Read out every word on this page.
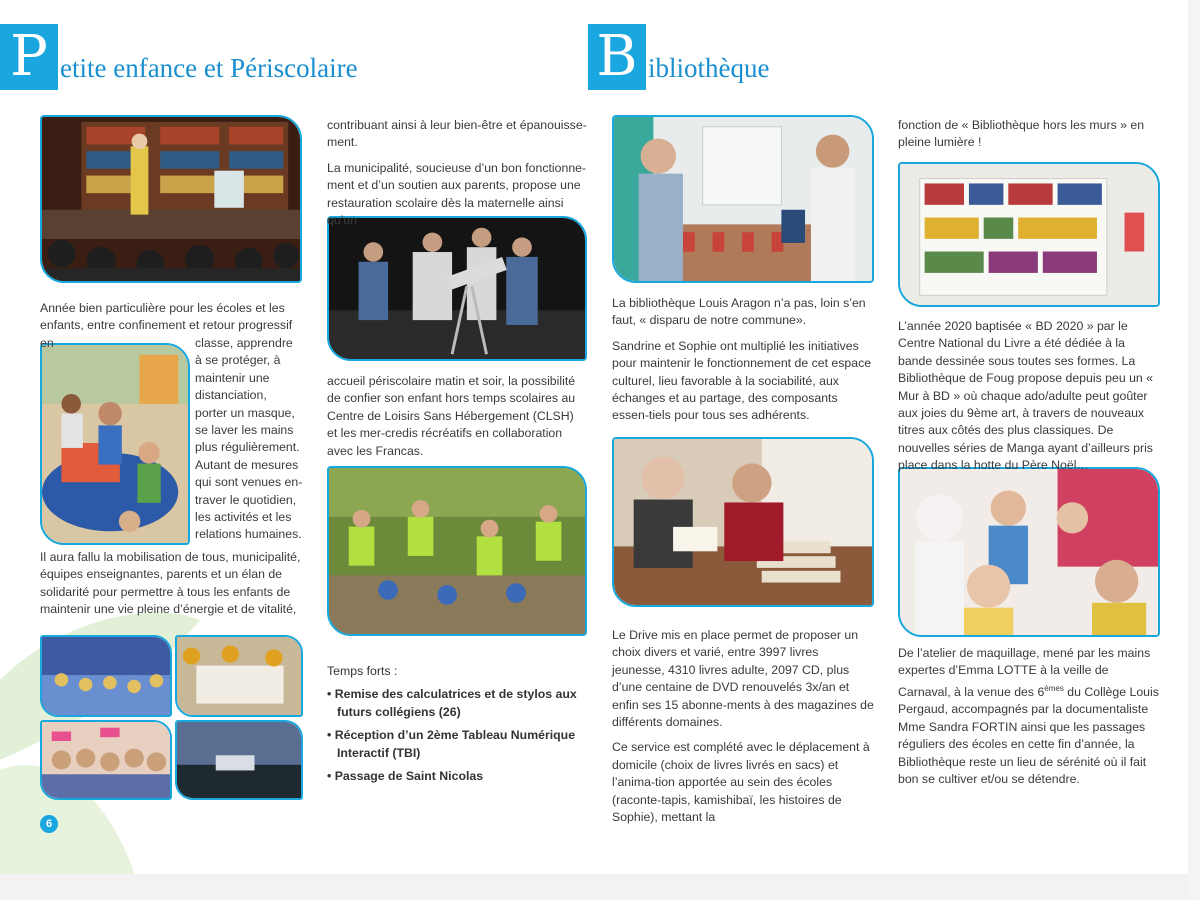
P etite enfance et Périscolaire	B ibliothèque
Année bien particulière pour les écoles et les enfants, entre confinement et retour progressif en	classe, apprendre
à se protéger, à
maintenir une
distanciation,
porter un masque,
se laver les mains
plus régulièrement.
Autant de mesures
qui sont venues en-
traver le quotidien,
les activités et les
relations humaines.
Il aura fallu la mobilisation de tous, municipalité, équipes enseignantes, parents et un élan de solidarité pour permettre à tous les enfants de maintenir une vie pleine d’énergie et de vitalité,

contribuant ainsi à leur bien-être et épanouisse-ment.

La municipalité, soucieuse d’un bon fonctionne-ment et d’un soutien aux parents, propose une restauration scolaire dès la maternelle ainsi qu’un

accueil périscolaire matin et soir, la possibilité de confier son enfant hors temps scolaires au Centre de Loisirs Sans Hébergement (CLSH) et les mer-credis récréatifs en collaboration avec les Francas.

Temps forts :
• Remise des calculatrices et de stylos aux futurs collégiens (26)
• Réception d’un 2ème Tableau Numérique Interactif (TBI)
• Passage de Saint Nicolas
6

La bibliothèque Louis Aragon n’a pas, loin s’en faut, « disparu de notre commune».

Sandrine et Sophie ont multiplié les initiatives pour maintenir le fonctionnement de cet espace culturel, lieu favorable à la sociabilité, aux échanges et au partage, des composants essen-tiels pour tous ses adhérents.

Le Drive mis en place permet de proposer un choix divers et varié, entre 3997 livres jeunesse, 4310 livres adulte, 2097 CD, plus d’une centaine de DVD renouvelés 3x/an et enfin ses 15 abonne-ments à des magazines de différents domaines.

Ce service est complété avec le déplacement à domicile (choix de livres livrés en sacs) et l’anima-tion apportée au sein des écoles (raconte-tapis, kamishibaï, les histoires de Sophie), mettant la

fonction de « Bibliothèque hors les murs » en pleine lumière !

L’année 2020 baptisée « BD 2020 » par le Centre National du Livre a été dédiée à la bande dessinée sous toutes ses formes. La Bibliothèque de Foug propose depuis peu un « Mur à BD » où chaque ado/adulte peut goûter aux joies du 9ème art, à travers de nouveaux titres aux côtés des plus classiques. De nouvelles séries de Manga ayant d’ailleurs pris place dans la hotte du Père Noël…

De l’atelier de maquillage, mené par les mains expertes d’Emma LOTTE à la veille de Carnaval, à la venue des 6èmes du Collège Louis Pergaud, accompagnés par la documentaliste Mme Sandra FORTIN ainsi que les passages réguliers des écoles en cette fin d’année, la Bibliothèque reste un lieu de sérénité où il fait bon se cultiver et/ou se détendre.
